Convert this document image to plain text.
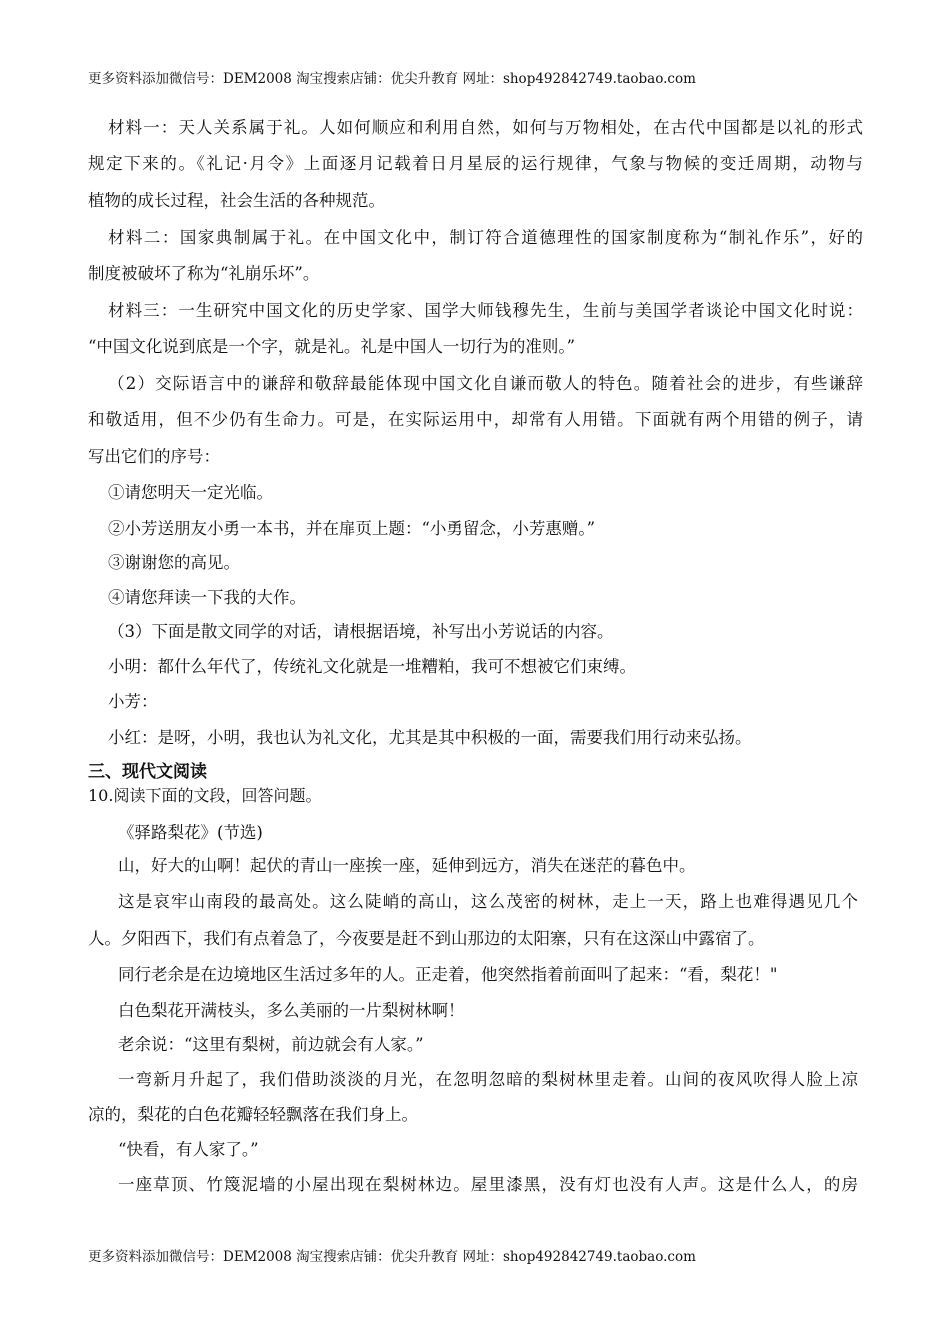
更多资料添加微信号：DEM2008 淘宝搜索店铺：优尖升教育 网址：shop492842749.taobao.com
材料一：天人关系属于礼。人如何顺应和利用自然，如何与万物相处，在古代中国都是以礼的形式
规定下来的。《礼记·月令》上面逐月记载着日月星辰的运行规律，气象与物候的变迁周期，动物与
植物的成长过程，社会生活的各种规范。
材料二：国家典制属于礼。在中国文化中，制订符合道德理性的国家制度称为“制礼作乐”，好的
制度被破坏了称为“礼崩乐坏”。
材料三：一生研究中国文化的历史学家、国学大师钱穆先生，生前与美国学者谈论中国文化时说：
“中国文化说到底是一个字，就是礼。礼是中国人一切行为的准则。”
（2）交际语言中的谦辞和敬辞最能体现中国文化自谦而敬人的特色。随着社会的进步，有些谦辞
和敬适用，但不少仍有生命力。可是，在实际运用中，却常有人用错。下面就有两个用错的例子，请
写出它们的序号：
①请您明天一定光临。
②小芳送朋友小勇一本书，并在扉页上题：“小勇留念，小芳惠赠。”
③谢谢您的高见。
④请您拜读一下我的大作。
（3）下面是散文同学的对话，请根据语境，补写出小芳说话的内容。
小明：都什么年代了，传统礼文化就是一堆糟粕，我可不想被它们束缚。
小芳：
小红：是呀，小明，我也认为礼文化，尤其是其中积极的一面，需要我们用行动来弘扬。
三、现代文阅读
10.阅读下面的文段，回答问题。
《驿路梨花》(节选)
山，好大的山啊！起伏的青山一座挨一座，延伸到远方，消失在迷茫的暮色中。
这是哀牢山南段的最高处。这么陡峭的高山，这么茂密的树林，走上一天，路上也难得遇见几个
人。夕阳西下，我们有点着急了，今夜要是赶不到山那边的太阳寨，只有在这深山中露宿了。
同行老余是在边境地区生活过多年的人。正走着，他突然指着前面叫了起来：“看，梨花！"
白色梨花开满枝头，多么美丽的一片梨树林啊！
老余说：“这里有梨树，前边就会有人家。”
一弯新月升起了，我们借助淡淡的月光，在忽明忽暗的梨树林里走着。山间的夜风吹得人脸上凉
凉的，梨花的白色花瓣轻轻飘落在我们身上。
“快看，有人家了。”
一座草顶、竹篾泥墙的小屋出现在梨树林边。屋里漆黑，没有灯也没有人声。这是什么人，的房
更多资料添加微信号：DEM2008 淘宝搜索店铺：优尖升教育 网址：shop492842749.taobao.com
